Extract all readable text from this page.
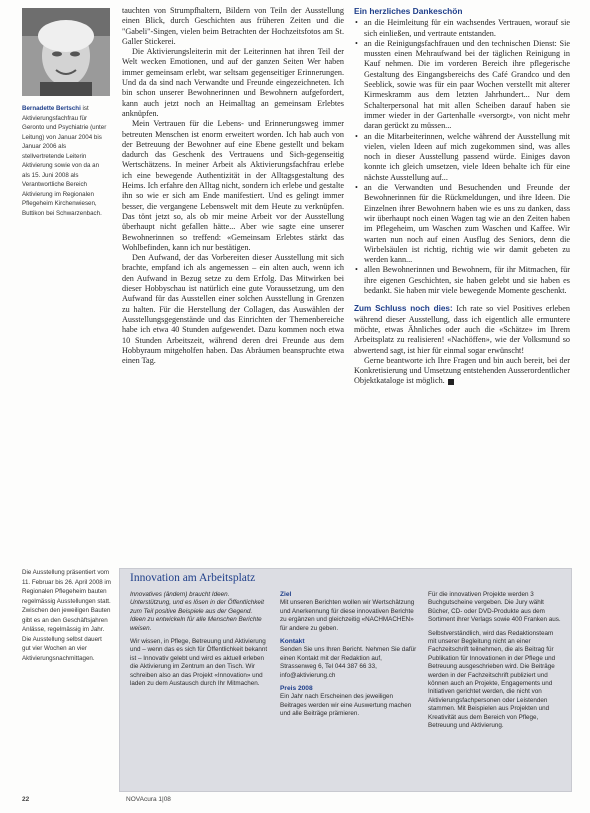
Bernadette Bertschi ist Aktivierungsfachfrau für Geronto und Psychiatrie (unter Leitung) von Januar 2004 bis Januar 2006 als stellvertretende Leiterin Aktivierung sowie von da an als 15. Juni 2008 als Verantwortliche Bereich Aktivierung im Regionalen Pflegeheim Kirchenwiesen, Buttikon bei Schwarzenbach.

tauchten von Strumpfhaltern, Bildern von Teiln der Ausstellung einen Blick, durch Geschichten aus früheren Zeiten und die "Gabeli"-Singen, vielen beim Betrachten der Hochzeitsfotos am St. Galler Stickerei.

Die Aktivierungsleiterin mit der Leiterinnen hat ihren Teil der Welt wecken Emotionen, und auf der ganzen Seiten Wer haben immer gemeinsam erlebt, war seltsam gegenseitiger Erinnerungen. Und da da sind nach Verwandte und Freunde eingezeichneten. Ich bin schon unserer Bewohnerinnen und Bewohnern aufgefordert, kann auch jetzt noch an Heimalltag an gemeinsam Erlebtes anknüpfen.

Mein Vertrauen für die Lebens- und Erinnerungsweg immer betreuten Menschen ist enorm erweitert worden. Ich hab auch von der Betreuung der Bewohner auf eine Ebene gestellt und bekam dadurch das Geschenk des Vertrauens und Sich-gegenseitig Wertschätzens. In meiner Arbeit als Aktivierungsfachfrau erlebe ich eine bewegende Authentizität in der Alltagsgestaltung des Heims. Ich erfahre den Alltag nicht, sondern ich erlebe und gestalte ihn so wie er sich am Ende manifestiert. Und es gelingt immer besser, die vergangene Lebenswelt mit dem Heute zu verknüpfen. Das tönt jetzt so, als ob mir meine Arbeit vor der Ausstellung überhaupt nicht gefallen hätte... Aber wie sagte eine unserer Bewohnerinnen so treffend: «Gemeinsam Erlebtes stärkt das Wohlbefinden, kann ich nur bestätigen.

Den Aufwand, der das Vorbereiten dieser Ausstellung mit sich brachte, empfand ich als angemessen – ein alten auch, wenn ich den Aufwand in Bezug setze zu dem Erfolg. Das Mitwirken bei dieser Hobbyschau ist natürlich eine gute Voraussetzung, um den Aufwand für das Ausstellen einer solchen Ausstellung in Grenzen zu halten. Für die Herstellung der Collagen, das Auswählen der Ausstellungsgegenstände und das Einrichten der Themenbereiche habe ich etwa 40 Stunden aufgewendet. Dazu kommen noch etwa 10 Stunden Arbeitszeit, während deren drei Freunde aus dem Hobbyraum mitgeholfen haben. Das Abräumen beanspruchte etwa einen Tag.

Ein herzliches Dankeschön
• an die Heimleitung für ein wachsendes Vertrauen, worauf sie sich einließen, und vertraute entstanden.
• an die Reinigungsfachfrauen und den technischen Dienst: Sie mussten einen Mehraufwand bei der täglichen Reinigung in Kauf nehmen. Die im vorderen Bereich ihre pflegerische Gestaltung des Eingangsbereichs des Café Grandco und den Seeblick, sowie was für ein paar Wochen verstellt mit alterer Kirmeskramm aus dem letzten Jahrhundert... Nur dem Schalterpersonal hat mit allen Scheiben darauf haben sie immer wieder in der Gartenhalle «versorgt», von nicht mehr daran gerückt zu müssen...
• an die Mitarbeiterinnen, welche während der Ausstellung mit vielen, vielen Ideen auf mich zugekommen sind, was alles noch in dieser Ausstellung passend würde. Einiges davon konnte ich gleich umsetzen, viele Ideen behalte ich für eine nächste Ausstellung auf...
• an die Verwandten und Besuchenden und Freunde der Bewohnerinnen für die Rückmeldungen, und ihre Ideen. Die Einzelnen ihrer Bewohnern haben wie es uns zu danken, dass wir überhaupt noch einen Wagen tag wie an den Zeiten haben im Pflegeheim, um Waschen zum Waschen und Kaffee. Wir warten nun noch auf einen Ausflug des Seniors, denn die Wirbelsäulen ist richtig, richtig wie wir damit gebeten zu werden kann...
• allen Bewohnerinnen und Bewohnern, für ihr Mitmachen, für ihre eigenen Geschichten, sie haben gelebt und sie haben es bedankt. Sie haben mir viele bewegende Momente geschenkt.

Zum Schluss noch dies: Ich rate so viel Positives erleben während dieser Ausstellung, dass ich eigentlich alle ermuntere möchte, etwas Ähnliches oder auch die «Schätze» im Ihrem Arbeitsplatz zu realisieren! «Nachöffen», wie der Volksmund so abwertend sagt, ist hier für einmal sogar erwünscht!

Gerne beantworte ich Ihre Fragen und bin auch bereit, bei der Konkretisierung und Umsetzung entstehenden Ausserordentlicher Objektkataloge ist möglich.

Die Ausstellung präsentiert vom 11. Februar bis 26. April 2008 im Regionalen Pflegeheim bauten regelmässig Ausstellungen statt. Zwischen den jeweiligen Bauten gibt es an den Geschäftsjahren Anlässe, regelmässig im Jahr. Die Ausstellung selbst dauert gut vier Wochen an vier Aktivierungsnachmittagen.
Innovation am Arbeitsplatz

Innovatives (ändern) braucht Ideen. Unterstützung, und es lösen in der Öffentlichkeit zum Teil positive Beispiele aus der Gegend. Ideen zu entwickeln für alle Menschen Berichte weisen.

Wir wissen, in Pflege, Betreuung und Aktivierung und – wenn das es sich für Öffentlichkeit bekannt ist – Innovativ gelebt und wird es aktuell erleben die Aktivierung im Zentrum an den Tisch. Wir schreiben also an das Projekt «Innovation» und laden zu dem Austausch durch Ihr Mitmachen.

Ziel

Mit unseren Berichten wollen wir Wertschätzung und Anerkennung für diese innovativen Berichte zu ergänzen und gleichzeitig «NACHMACHEN» für andere zu geben.

Kontakt

Senden Sie uns Ihren Bericht. Nehmen Sie dafür einen Kontakt mit der Redaktion auf, Strassenweg 6, Tel 044 387 66 33, info@aktivierung.ch

Preis 2008

Ein Jahr nach Erscheinen des jeweiligen Beitrages werden wir eine Auswertung machen und alle Beiträge prämieren.

Für die innovativen Projekte werden 3 Buchgutscheine vergeben. Die Jury wählt Bücher, CD- oder DVD-Produkte aus dem Sortiment ihrer Verlags sowie 400 Franken aus.

Selbstverständlich, wird das Redaktionsteam mit unserer Begleitung nicht an einer Fachzeitschrift teilnehmen, die als Beitrag für Publikation für Innovationen in der Pflege und Betreuung ausgeschrieben wird. Die Beiträge werden in der Fachzeitschrift publiziert und können auch an Projekte, Engagements und Initiativen gerichtet werden, die nicht von Aktivierungsfachpersonen oder Leistenden stammen. Mit Beispielen aus Projekten und Kreativität aus dem Bereich von Pflege, Betreuung und Aktivierung.

22	NOVAcura 1|08
